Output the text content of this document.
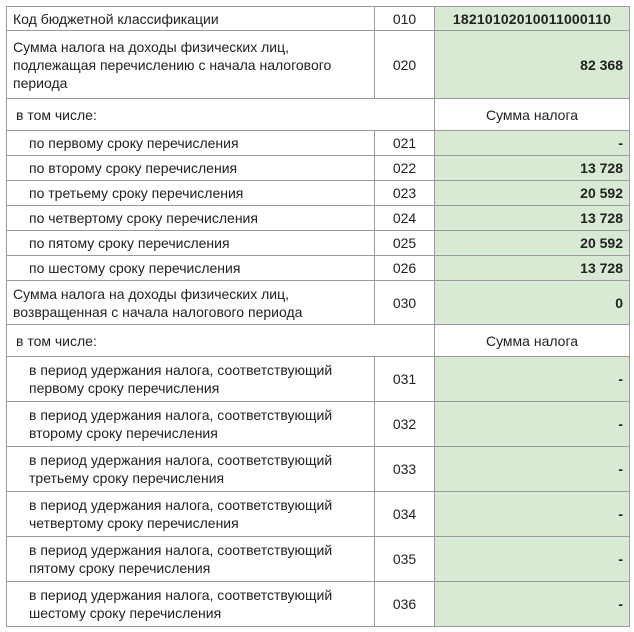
Код бюджетной классификации	010	18210102010011000110
Сумма налога на доходы физических лиц, подлежащая перечислению с начала налогового периода	020	82 368
в том числе:		Сумма налога
по первому сроку перечисления	021	-
по второму сроку перечисления	022	13 728
по третьему сроку перечисления	023	20 592
по четвертому сроку перечисления	024	13 728
по пятому сроку перечисления	025	20 592
по шестому сроку перечисления	026	13 728
Сумма налога на доходы физических лиц, возвращенная с начала налогового периода	030	0
в том числе:		Сумма налога
в период удержания налога, соответствующий первому сроку перечисления	031	-
в период удержания налога, соответствующий второму сроку перечисления	032	-
в период удержания налога, соответствующий третьему сроку перечисления	033	-
в период удержания налога, соответствующий четвертому сроку перечисления	034	-
в период удержания налога, соответствующий пятому сроку перечисления	035	-
в период удержания налога, соответствующий шестому сроку перечисления	036	-
